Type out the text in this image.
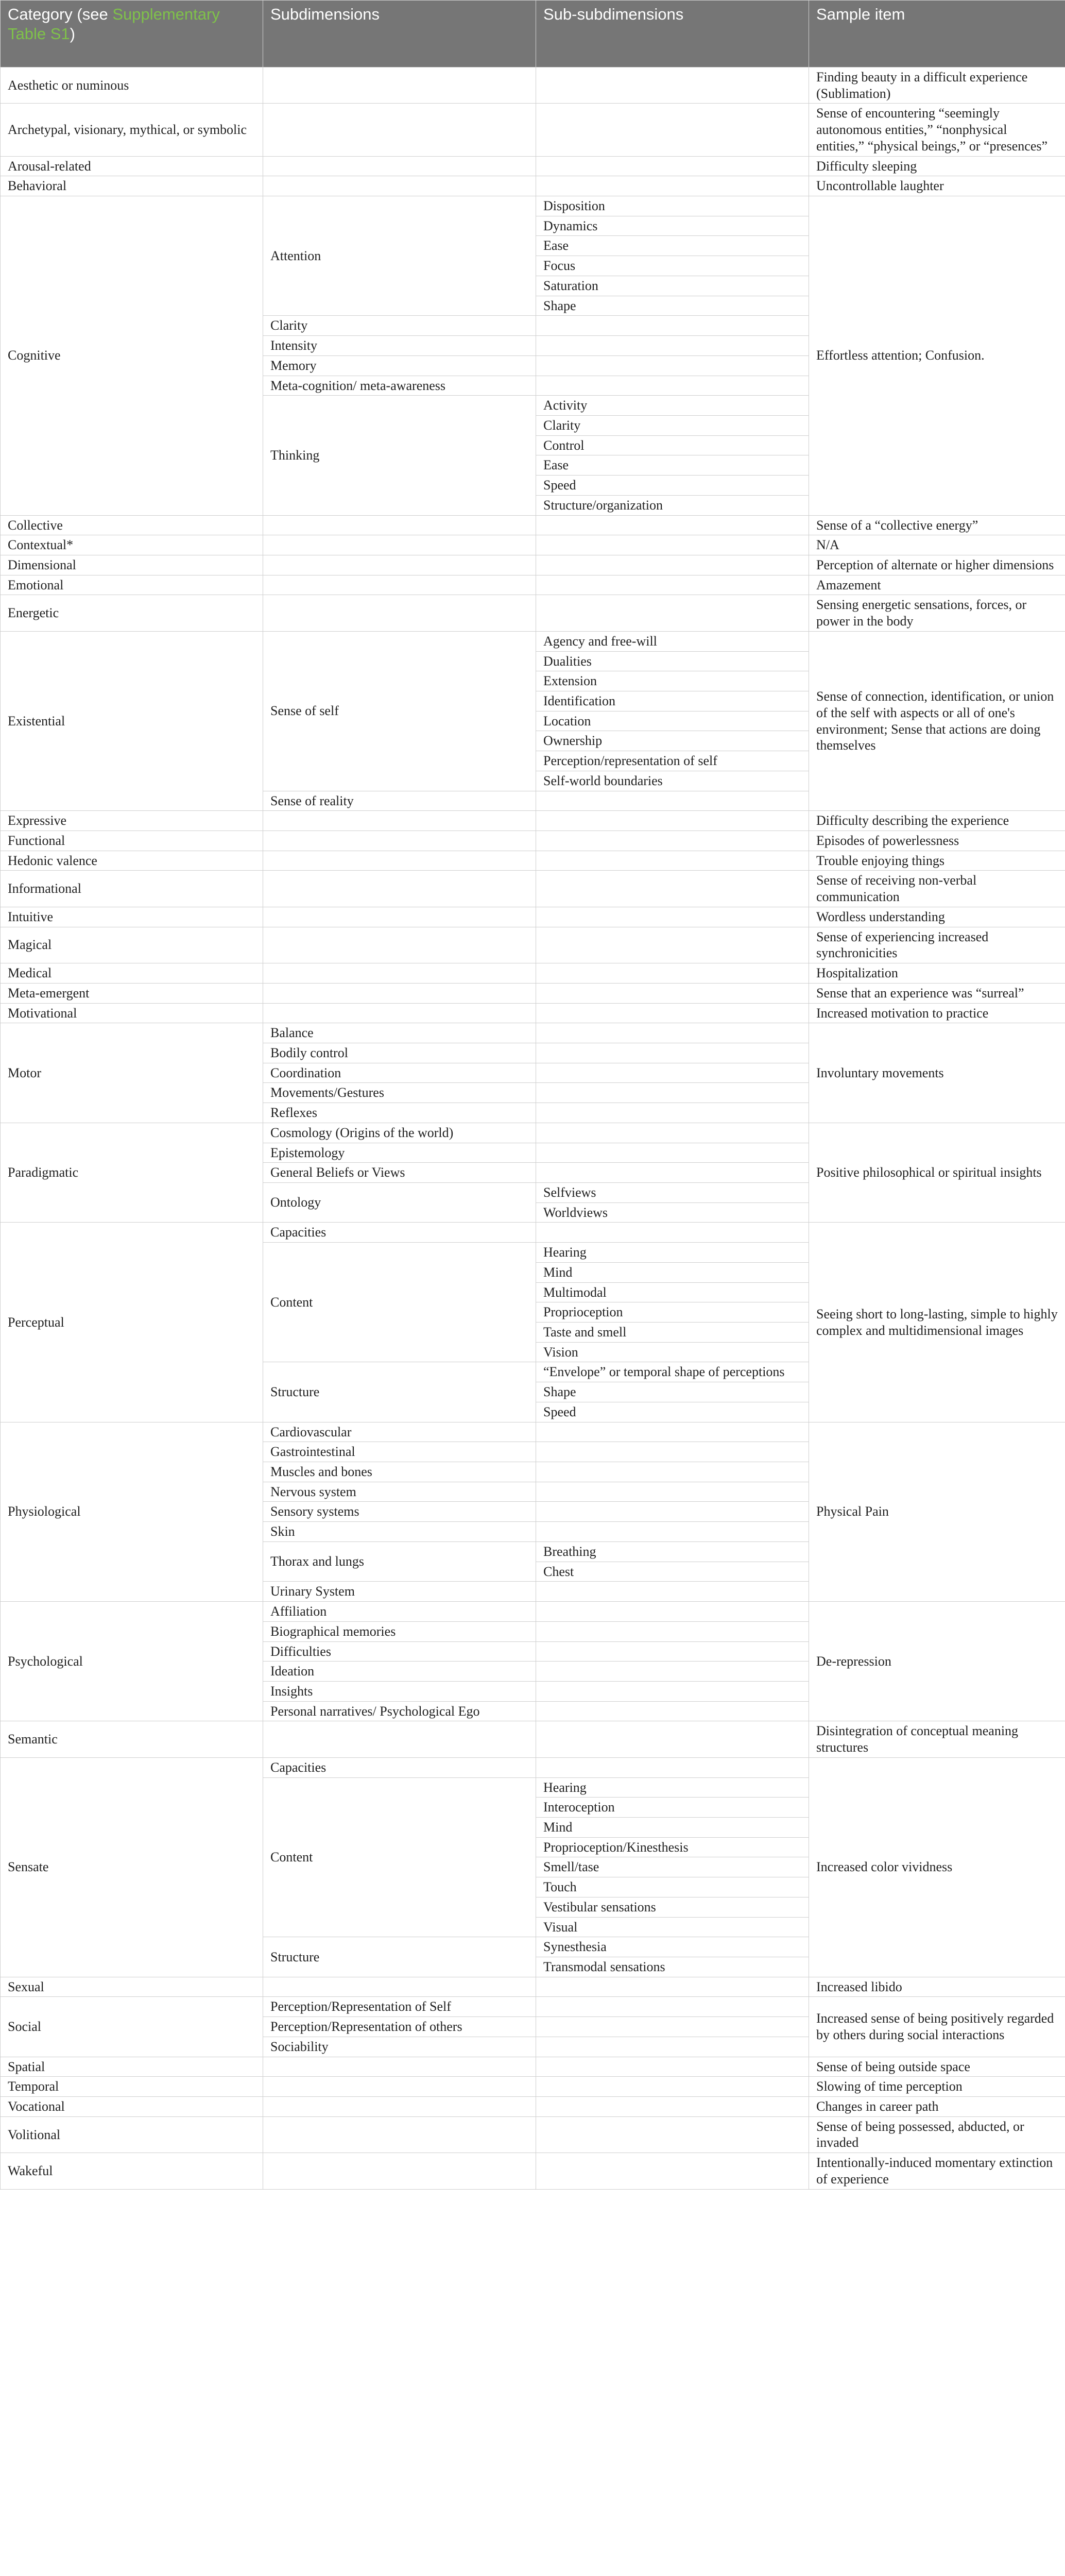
Category (see Supplementary Table S1)	Subdimensions	Sub-subdimensions	Sample item
Aesthetic or numinous			Finding beauty in a difficult experience (Sublimation)
Archetypal, visionary, mythical, or symbolic			Sense of encountering “seemingly autonomous entities,” “nonphysical entities,” “physical beings,” or “presences”
Arousal-related			Difficulty sleeping
Behavioral			Uncontrollable laughter
Cognitive	Attention	Disposition	Effortless attention; Confusion.
		Dynamics	
		Ease	
		Focus	
		Saturation	
		Shape	
	Clarity		
	Intensity		
	Memory		
	Meta-cognition/ meta-awareness		
	Thinking	Activity	
		Clarity	
		Control	
		Ease	
		Speed	
		Structure/organization	
Collective			Sense of a “collective energy”
Contextual*			N/A
Dimensional			Perception of alternate or higher dimensions
Emotional			Amazement
Energetic			Sensing energetic sensations, forces, or power in the body
Existential	Sense of self	Agency and free-will	Sense of connection, identification, or union of the self with aspects or all of one's environment; Sense that actions are doing themselves
		Dualities	
		Extension	
		Identification	
		Location	
		Ownership	
		Perception/representation of self	
		Self-world boundaries	
	Sense of reality		
Expressive			Difficulty describing the experience
Functional			Episodes of powerlessness
Hedonic valence			Trouble enjoying things
Informational			Sense of receiving non-verbal communication
Intuitive			Wordless understanding
Magical			Sense of experiencing increased synchronicities
Medical			Hospitalization
Meta-emergent			Sense that an experience was “surreal”
Motivational			Increased motivation to practice
Motor	Balance		Involuntary movements
	Bodily control		
	Coordination		
	Movements/Gestures		
	Reflexes		
Paradigmatic	Cosmology (Origins of the world)		Positive philosophical or spiritual insights
	Epistemology		
	General Beliefs or Views		
	Ontology	Selfviews	
		Worldviews	
Perceptual	Capacities		Seeing short to long-lasting, simple to highly complex and multidimensional images
	Content	Hearing	
		Mind	
		Multimodal	
		Proprioception	
		Taste and smell	
		Vision	
	Structure	“Envelope” or temporal shape of perceptions	
		Shape	
		Speed	
Physiological	Cardiovascular		Physical Pain
	Gastrointestinal		
	Muscles and bones		
	Nervous system		
	Sensory systems		
	Skin		
	Thorax and lungs	Breathing	
		Chest	
	Urinary System		
Psychological	Affiliation		De-repression
	Biographical memories		
	Difficulties		
	Ideation		
	Insights		
	Personal narratives/ Psychological Ego		
Semantic			Disintegration of conceptual meaning structures
Sensate	Capacities		Increased color vividness
	Content	Hearing	
		Interoception	
		Mind	
		Proprioception/Kinesthesis	
		Smell/tase	
		Touch	
		Vestibular sensations	
		Visual	
	Structure	Synesthesia	
		Transmodal sensations	
Sexual			Increased libido
Social	Perception/Representation of Self		Increased sense of being positively regarded by others during social interactions
	Perception/Representation of others		
	Sociability		
Spatial			Sense of being outside space
Temporal			Slowing of time perception
Vocational			Changes in career path
Volitional			Sense of being possessed, abducted, or invaded
Wakeful			Intentionally-induced momentary extinction of experience
